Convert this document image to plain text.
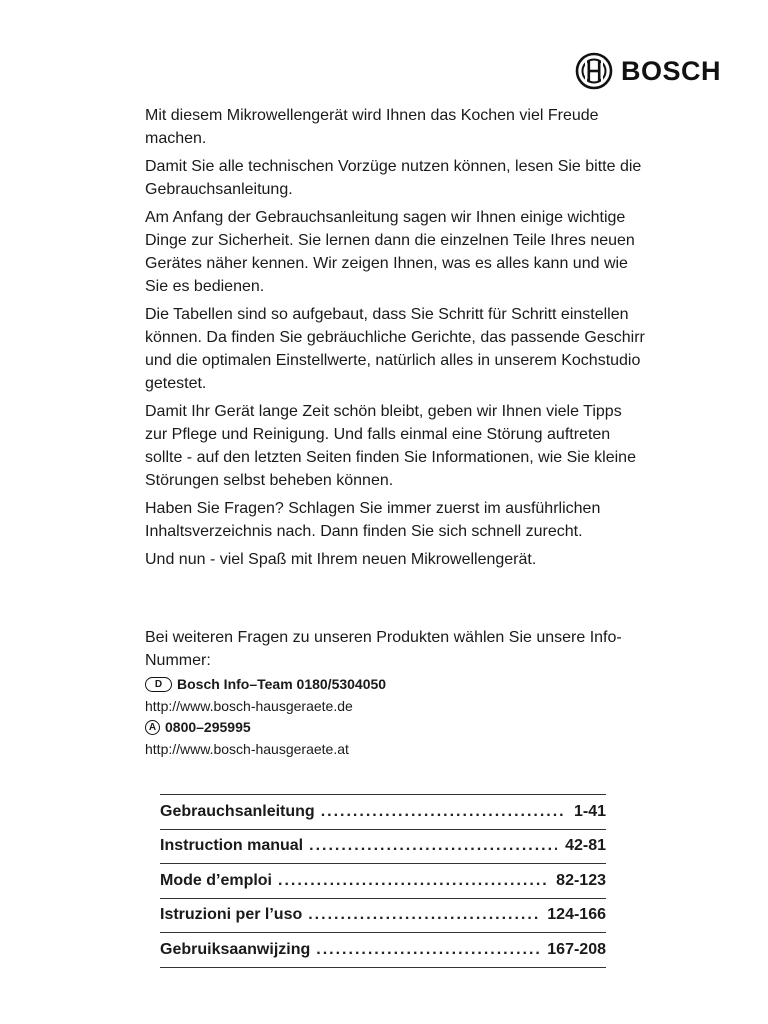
BOSCH

Mit diesem Mikrowellengerät wird Ihnen das Kochen viel Freude machen.

Damit Sie alle technischen Vorzüge nutzen können, lesen Sie bitte die Gebrauchsanleitung.

Am Anfang der Gebrauchsanleitung sagen wir Ihnen einige wichtige Dinge zur Sicherheit. Sie lernen dann die einzelnen Teile Ihres neuen Gerätes näher kennen. Wir zeigen Ihnen, was es alles kann und wie Sie es bedienen.

Die Tabellen sind so aufgebaut, dass Sie Schritt für Schritt einstellen können. Da finden Sie gebräuchliche Gerichte, das passende Geschirr und die optimalen Einstellwerte, natürlich alles in unserem Kochstudio getestet.

Damit Ihr Gerät lange Zeit schön bleibt, geben wir Ihnen viele Tipps zur Pflege und Reinigung. Und falls einmal eine Störung auftreten sollte - auf den letzten Seiten finden Sie Informationen, wie Sie kleine Störungen selbst beheben können.

Haben Sie Fragen? Schlagen Sie immer zuerst im ausführlichen Inhaltsverzeichnis nach. Dann finden Sie sich schnell zurecht.

Und nun - viel Spaß mit Ihrem neuen Mikrowellengerät.

Bei weiteren Fragen zu unseren Produkten wählen Sie unsere Info-Nummer:

D	Bosch Info–Team 0180/5304050
http://www.bosch-hausgeraete.de
A 0800–295995
http://www.bosch-hausgeraete.at
Gebrauchsanleitung .....	1-41
Instruction manual .....	42-81
Mode d’emploi .....	82-123
Istruzioni per l’uso .....	124-166
Gebruiksaanwijzing .....	167-208
